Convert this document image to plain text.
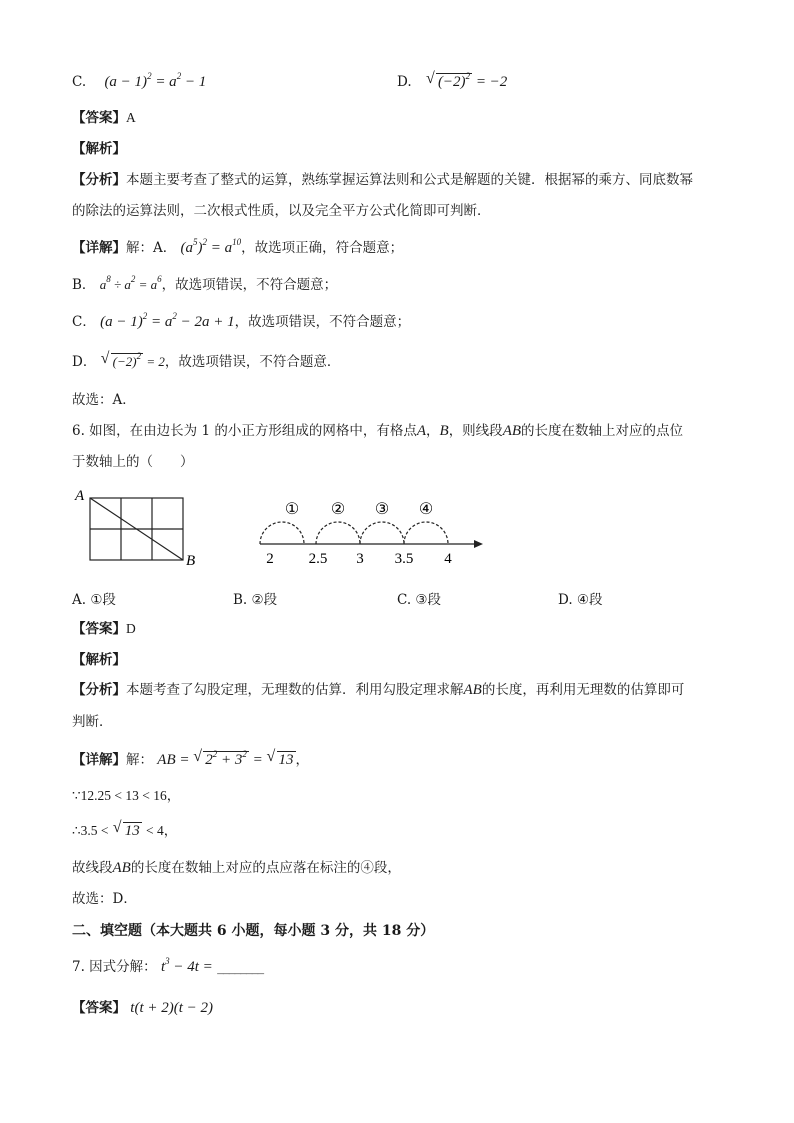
C. $(a - 1)^2 = a^2 - 1$	D. √ $(-2)^2 = -2$
【答案】A
【解析】
【分析】本题主要考查了整式的运算，熟练掌握运算法则和公式是解题的关键．根据幂的乘方、同底数幂
的除法的运算法则，二次根式性质，以及完全平方公式化简即可判断．
【详解】解：A． $(a^5)^2 = a^{10}$，故选项正确，符合题意；
B． $a^8 \div a^2 = a^6$，故选项错误，不符合题意；
C． $(a - 1)^2 = a^2 - 2a + 1$，故选项错误，不符合题意；
D． √ $(-2)^2 = 2$，故选项错误，不符合题意．
故选：A．
6. 如图，在由边长为 1 的小正方形组成的网格中，有格点A，B，则线段AB的长度在数轴上对应的点位
于数轴上的（　　）
A
B
① ② ③ ④
2 2.5 3 3.5 4
A. ①段	B. ②段	C. ③段	D. ④段
【答案】D
【解析】
【分析】本题考查了勾股定理，无理数的估算．利用勾股定理求解AB的长度，再利用无理数的估算即可
判断．
【详解】解： AB = √ $2^2 + 3^2$ = √ 13 ，
∵12.25 < 13 < 16，
∴3.5 < √ 13 < 4，
故线段AB的长度在数轴上对应的点应落在标注的④段，
故选：D．
二、填空题（本大题共 6 小题，每小题 3 分，共 18 分）
7. 因式分解： $t^3 - 4t$ = ________
【答案】 t(t + 2)(t − 2)
